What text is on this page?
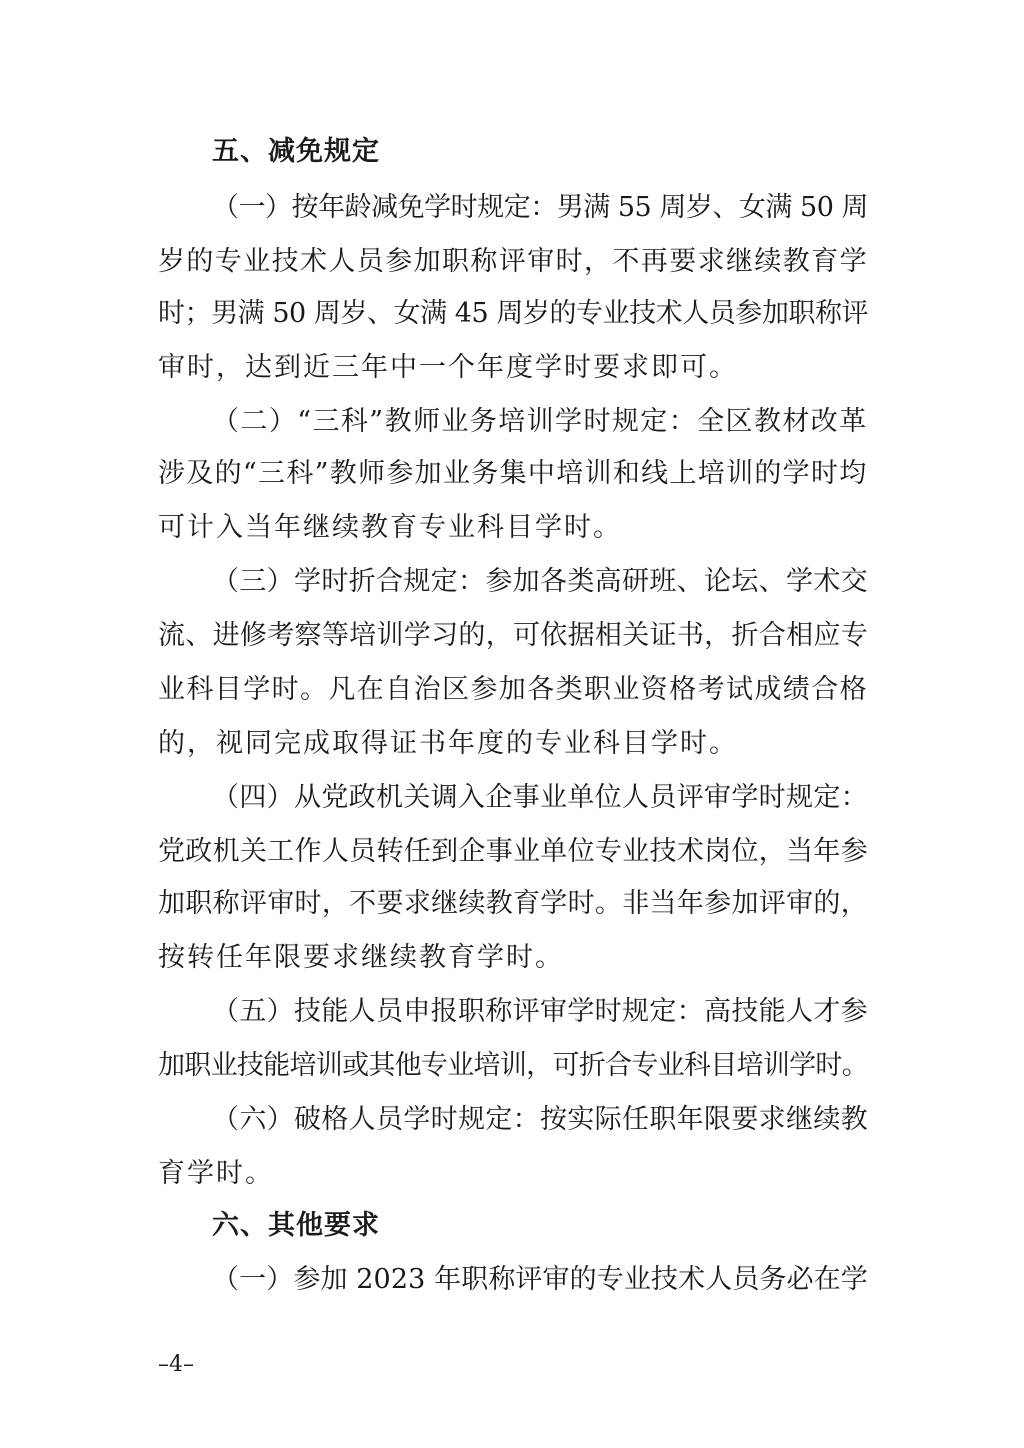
五、减免规定
（一）按年龄减免学时规定：男满 55 周岁、女满 50 周
岁的专业技术人员参加职称评审时，不再要求继续教育学
时；男满 50 周岁、女满 45 周岁的专业技术人员参加职称评
审时，达到近三年中一个年度学时要求即可。
（二）“三科”教师业务培训学时规定：全区教材改革
涉及的“三科”教师参加业务集中培训和线上培训的学时均
可计入当年继续教育专业科目学时。
（三）学时折合规定：参加各类高研班、论坛、学术交
流、进修考察等培训学习的，可依据相关证书，折合相应专
业科目学时。凡在自治区参加各类职业资格考试成绩合格
的，视同完成取得证书年度的专业科目学时。
（四）从党政机关调入企事业单位人员评审学时规定：
党政机关工作人员转任到企事业单位专业技术岗位，当年参
加职称评审时，不要求继续教育学时。非当年参加评审的，
按转任年限要求继续教育学时。
（五）技能人员申报职称评审学时规定：高技能人才参
加职业技能培训或其他专业培训，可折合专业科目培训学时。
（六）破格人员学时规定：按实际任职年限要求继续教
育学时。
六、其他要求
（一）参加 2023 年职称评审的专业技术人员务必在学
–4–
